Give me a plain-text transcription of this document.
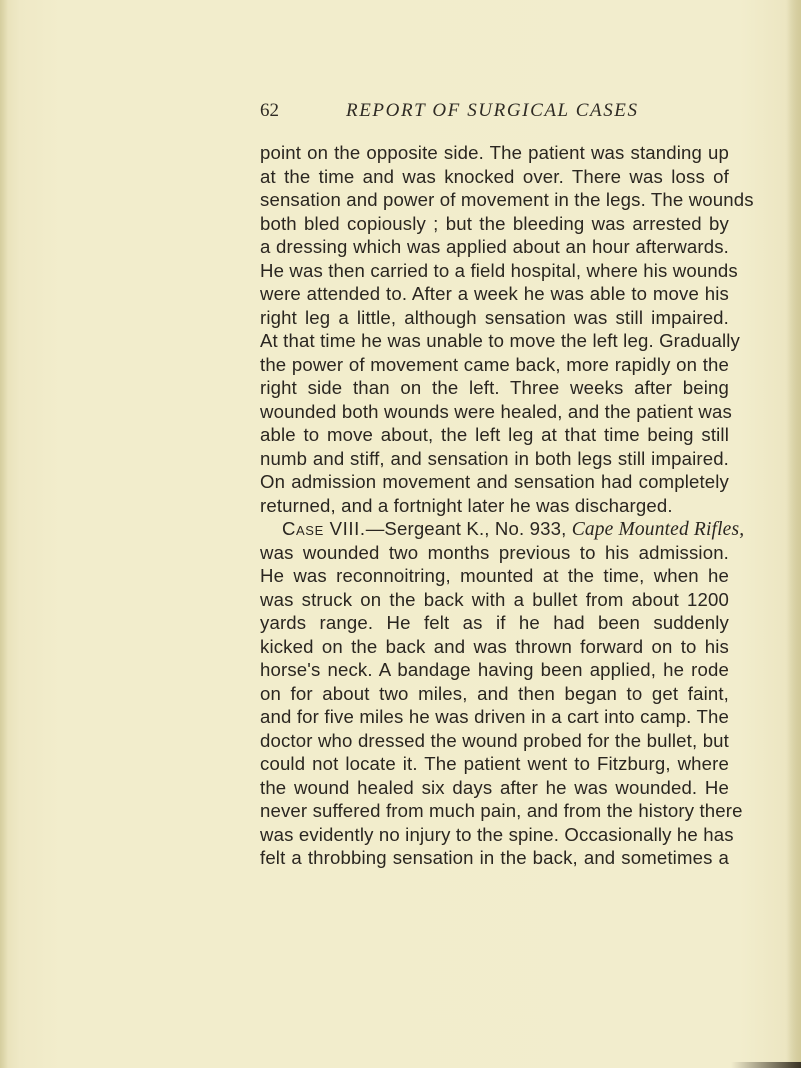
62	REPORT OF SURGICAL CASES
point on the opposite side. The patient was standing up
at the time and was knocked over. There was loss of
sensation and power of movement in the legs. The wounds
both bled copiously ; but the bleeding was arrested by
a dressing which was applied about an hour afterwards.
He was then carried to a field hospital, where his wounds
were attended to. After a week he was able to move his
right leg a little, although sensation was still impaired.
At that time he was unable to move the left leg. Gradually
the power of movement came back, more rapidly on the
right side than on the left. Three weeks after being
wounded both wounds were healed, and the patient was
able to move about, the left leg at that time being still
numb and stiff, and sensation in both legs still impaired.
On admission movement and sensation had completely
returned, and a fortnight later he was discharged.
Case VIII.—Sergeant K., No. 933, Cape Mounted Rifles,
was wounded two months previous to his admission.
He was reconnoitring, mounted at the time, when he
was struck on the back with a bullet from about 1200
yards range. He felt as if he had been suddenly
kicked on the back and was thrown forward on to his
horse's neck. A bandage having been applied, he rode
on for about two miles, and then began to get faint,
and for five miles he was driven in a cart into camp. The
doctor who dressed the wound probed for the bullet, but
could not locate it. The patient went to Fitzburg, where
the wound healed six days after he was wounded. He
never suffered from much pain, and from the history there
was evidently no injury to the spine. Occasionally he has
felt a throbbing sensation in the back, and sometimes a
